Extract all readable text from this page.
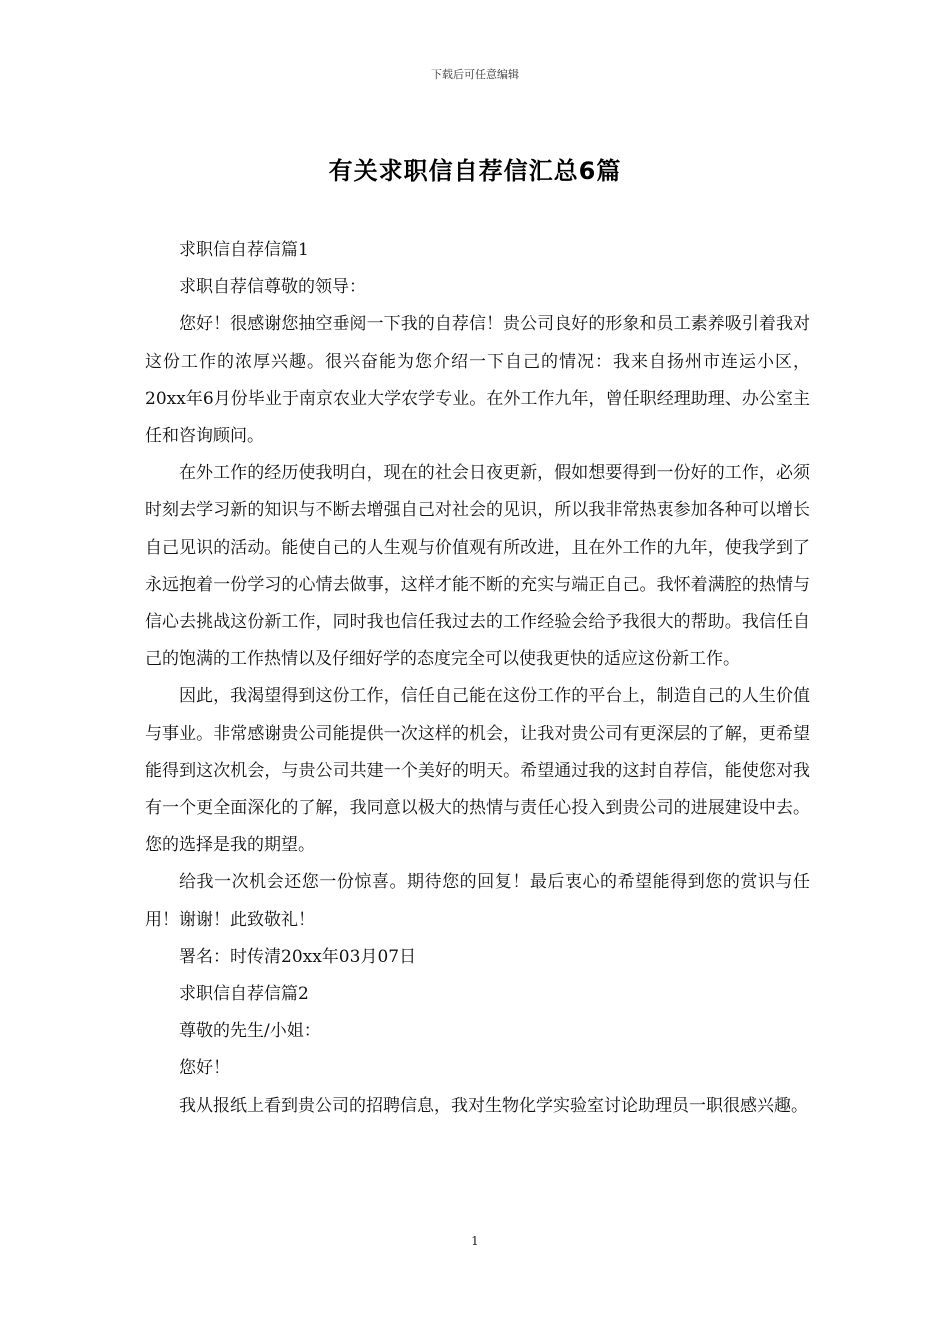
下载后可任意编辑
有关求职信自荐信汇总6篇

求职信自荐信篇1

求职自荐信尊敬的领导：

您好！很感谢您抽空垂阅一下我的自荐信！贵公司良好的形象和员工素养吸引着我对这份工作的浓厚兴趣。很兴奋能为您介绍一下自己的情况：我来自扬州市连运小区，20xx年6月份毕业于南京农业大学农学专业。在外工作九年，曾任职经理助理、办公室主任和咨询顾问。

在外工作的经历使我明白，现在的社会日夜更新，假如想要得到一份好的工作，必须时刻去学习新的知识与不断去增强自己对社会的见识，所以我非常热衷参加各种可以增长自己见识的活动。能使自己的人生观与价值观有所改进，且在外工作的九年，使我学到了永远抱着一份学习的心情去做事，这样才能不断的充实与端正自己。我怀着满腔的热情与信心去挑战这份新工作，同时我也信任我过去的工作经验会给予我很大的帮助。我信任自己的饱满的工作热情以及仔细好学的态度完全可以使我更快的适应这份新工作。

因此，我渴望得到这份工作，信任自己能在这份工作的平台上，制造自己的人生价值与事业。非常感谢贵公司能提供一次这样的机会，让我对贵公司有更深层的了解，更希望能得到这次机会，与贵公司共建一个美好的明天。希望通过我的这封自荐信，能使您对我有一个更全面深化的了解，我同意以极大的热情与责任心投入到贵公司的进展建设中去。您的选择是我的期望。

给我一次机会还您一份惊喜。期待您的回复！最后衷心的希望能得到您的赏识与任用！谢谢！此致敬礼！

署名：时传清20xx年03月07日

求职信自荐信篇2

尊敬的先生/小姐：

您好！

我从报纸上看到贵公司的招聘信息，我对生物化学实验室讨论助理员一职很感兴趣。

1
